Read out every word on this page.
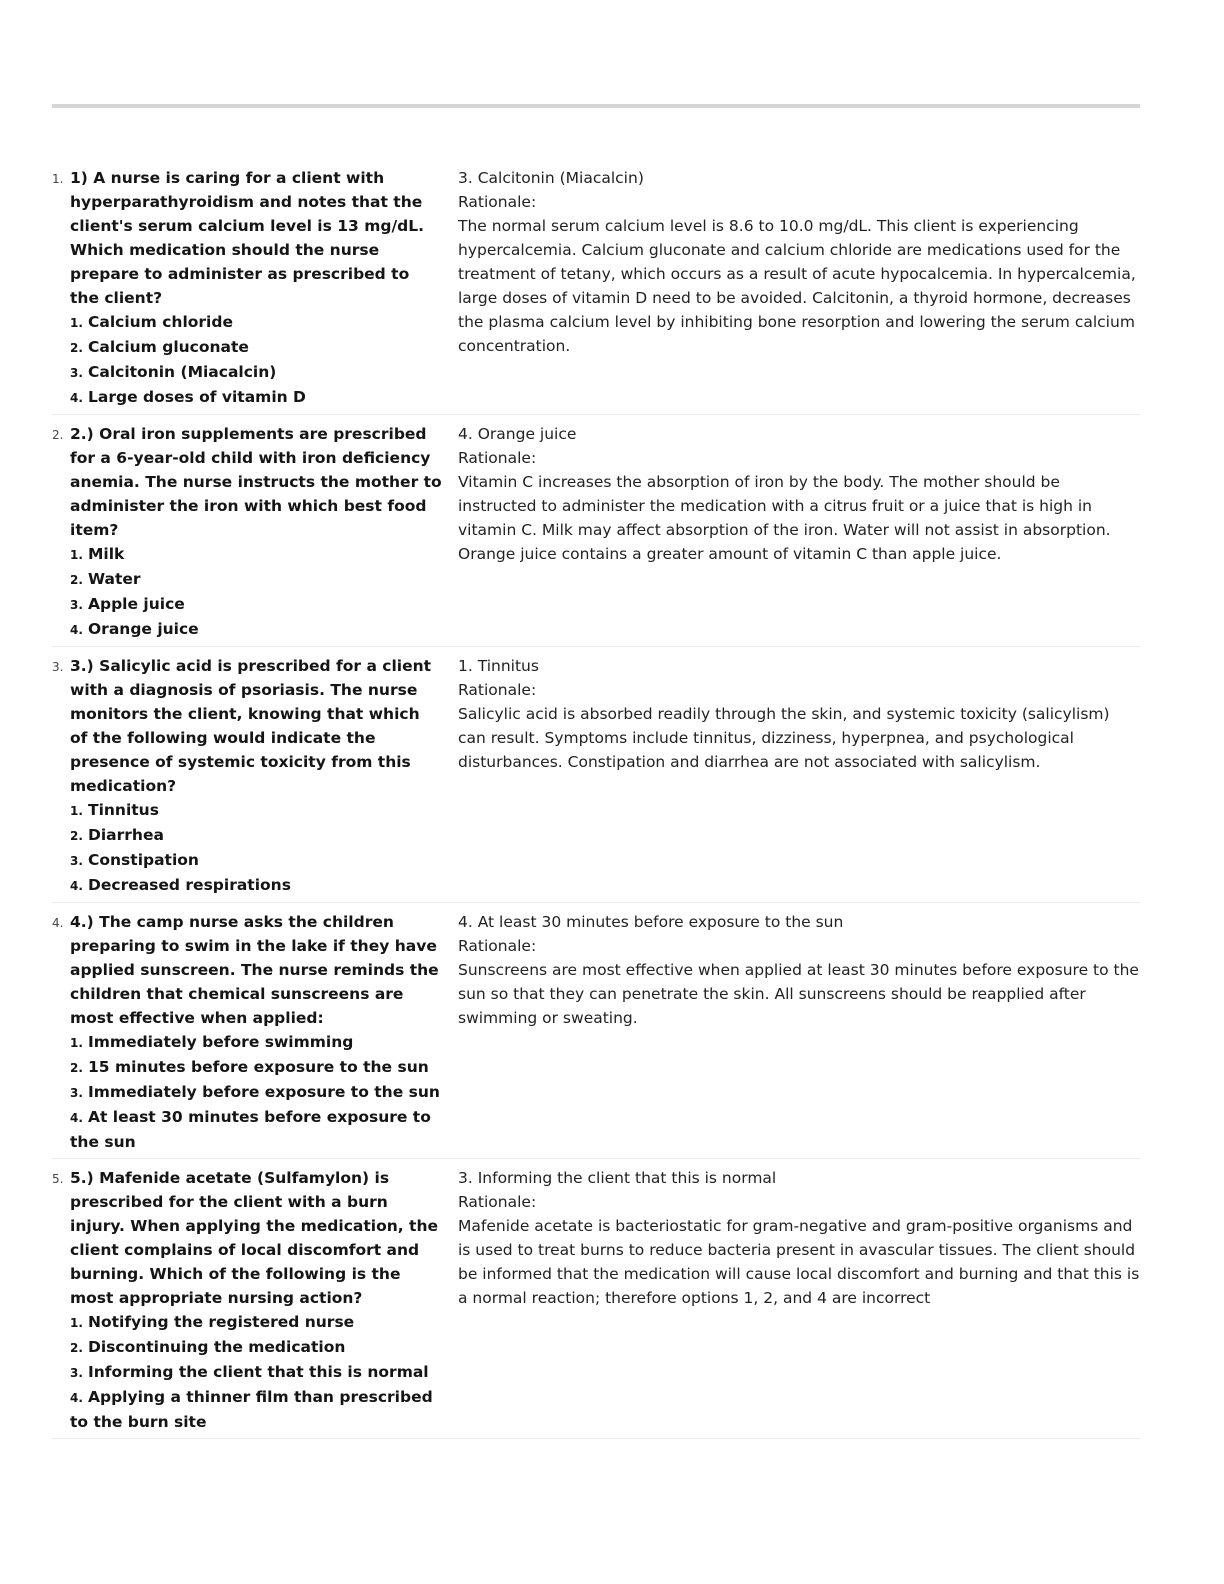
1. 1) A nurse is caring for a client with hyperparathyroidism and notes that the client's serum calcium level is 13 mg/dL. Which medication should the nurse prepare to administer as prescribed to the client?
1. Calcium chloride
2. Calcium gluconate
3. Calcitonin (Miacalcin)
4. Large doses of vitamin D
3. Calcitonin (Miacalcin)
Rationale:
The normal serum calcium level is 8.6 to 10.0 mg/dL. This client is experiencing hypercalcemia. Calcium gluconate and calcium chloride are medications used for the treatment of tetany, which occurs as a result of acute hypocalcemia. In hypercalcemia, large doses of vitamin D need to be avoided. Calcitonin, a thyroid hormone, decreases the plasma calcium level by inhibiting bone resorption and lowering the serum calcium concentration.
2. 2.) Oral iron supplements are prescribed for a 6-year-old child with iron deficiency anemia. The nurse instructs the mother to administer the iron with which best food item?
1. Milk
2. Water
3. Apple juice
4. Orange juice
4. Orange juice
Rationale:
Vitamin C increases the absorption of iron by the body. The mother should be instructed to administer the medication with a citrus fruit or a juice that is high in vitamin C. Milk may affect absorption of the iron. Water will not assist in absorption. Orange juice contains a greater amount of vitamin C than apple juice.
3. 3.) Salicylic acid is prescribed for a client with a diagnosis of psoriasis. The nurse monitors the client, knowing that which of the following would indicate the presence of systemic toxicity from this medication?
1. Tinnitus
2. Diarrhea
3. Constipation
4. Decreased respirations
1. Tinnitus
Rationale:
Salicylic acid is absorbed readily through the skin, and systemic toxicity (salicylism) can result. Symptoms include tinnitus, dizziness, hyperpnea, and psychological disturbances. Constipation and diarrhea are not associated with salicylism.
4. 4.) The camp nurse asks the children preparing to swim in the lake if they have applied sunscreen. The nurse reminds the children that chemical sunscreens are most effective when applied:
1. Immediately before swimming
2. 15 minutes before exposure to the sun
3. Immediately before exposure to the sun
4. At least 30 minutes before exposure to the sun
4. At least 30 minutes before exposure to the sun
Rationale:
Sunscreens are most effective when applied at least 30 minutes before exposure to the sun so that they can penetrate the skin. All sunscreens should be reapplied after swimming or sweating.
5. 5.) Mafenide acetate (Sulfamylon) is prescribed for the client with a burn injury. When applying the medication, the client complains of local discomfort and burning. Which of the following is the most appropriate nursing action?
1. Notifying the registered nurse
2. Discontinuing the medication
3. Informing the client that this is normal
4. Applying a thinner film than prescribed to the burn site
3. Informing the client that this is normal
Rationale:
Mafenide acetate is bacteriostatic for gram-negative and gram-positive organisms and is used to treat burns to reduce bacteria present in avascular tissues. The client should be informed that the medication will cause local discomfort and burning and that this is a normal reaction; therefore options 1, 2, and 4 are incorrect
